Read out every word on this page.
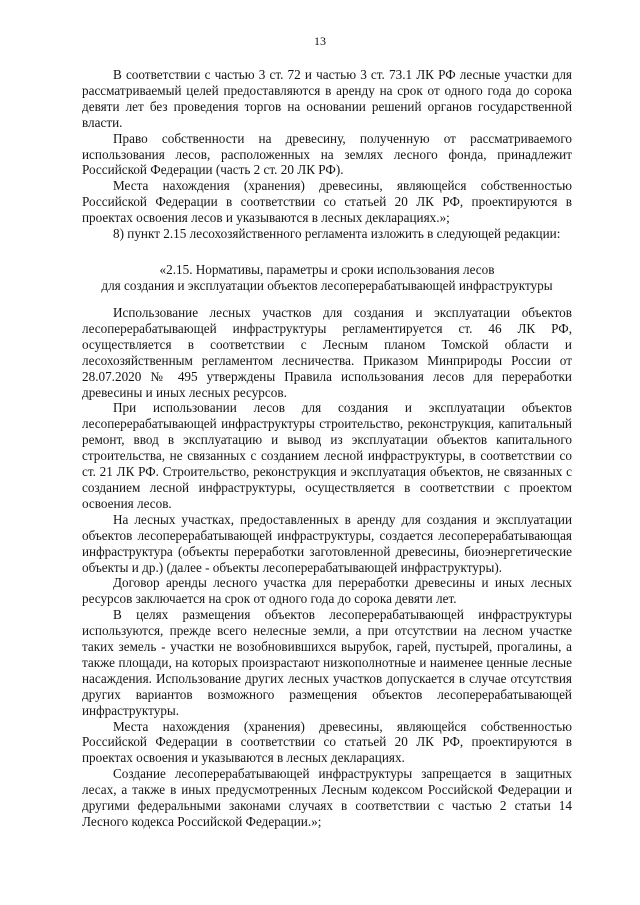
13

В соответствии с частью 3 ст. 72 и частью 3 ст. 73.1 ЛК РФ лесные участки для рассматриваемый целей предоставляются в аренду на срок от одного года до сорока девяти лет без проведения торгов на основании решений органов государственной власти.

Право собственности на древесину, полученную от рассматриваемого использования лесов, расположенных на землях лесного фонда, принадлежит Российской Федерации (часть 2 ст. 20 ЛК РФ).

Места нахождения (хранения) древесины, являющейся собственностью Российской Федерации в соответствии со статьей 20 ЛК РФ, проектируются в проектах освоения лесов и указываются в лесных декларациях.»;

8) пункт 2.15 лесохозяйственного регламента изложить в следующей редакции:

«2.15. Нормативы, параметры и сроки использования лесов

для создания и эксплуатации объектов лесоперерабатывающей инфраструктуры

Использование лесных участков для создания и эксплуатации объектов лесоперерабатывающей инфраструктуры регламентируется ст. 46 ЛК РФ, осуществляется в соответствии с Лесным планом Томской области и лесохозяйственным регламентом лесничества. Приказом Минприроды России от 28.07.2020 № 495 утверждены Правила использования лесов для переработки древесины и иных лесных ресурсов.

При использовании лесов для создания и эксплуатации объектов лесоперерабатывающей инфраструктуры строительство, реконструкция, капитальный ремонт, ввод в эксплуатацию и вывод из эксплуатации объектов капитального строительства, не связанных с созданием лесной инфраструктуры, в соответствии со ст. 21 ЛК РФ. Строительство, реконструкция и эксплуатация объектов, не связанных с созданием лесной инфраструктуры, осуществляется в соответствии с проектом освоения лесов.

На лесных участках, предоставленных в аренду для создания и эксплуатации объектов лесоперерабатывающей инфраструктуры, создается лесоперерабатывающая инфраструктура (объекты переработки заготовленной древесины, биоэнергетические объекты и др.) (далее - объекты лесоперерабатывающей инфраструктуры).

Договор аренды лесного участка для переработки древесины и иных лесных ресурсов заключается на срок от одного года до сорока девяти лет.

В целях размещения объектов лесоперерабатывающей инфраструктуры используются, прежде всего нелесные земли, а при отсутствии на лесном участке таких земель - участки не возобновившихся вырубок, гарей, пустырей, прогалины, а также площади, на которых произрастают низкополнотные и наименее ценные лесные насаждения. Использование других лесных участков допускается в случае отсутствия других вариантов возможного размещения объектов лесоперерабатывающей инфраструктуры.

Места нахождения (хранения) древесины, являющейся собственностью Российской Федерации в соответствии со статьей 20 ЛК РФ, проектируются в проектах освоения и указываются в лесных декларациях.

Создание лесоперерабатывающей инфраструктуры запрещается в защитных лесах, а также в иных предусмотренных Лесным кодексом Российской Федерации и другими федеральными законами случаях в соответствии с частью 2 статьи 14 Лесного кодекса Российской Федерации.»;
